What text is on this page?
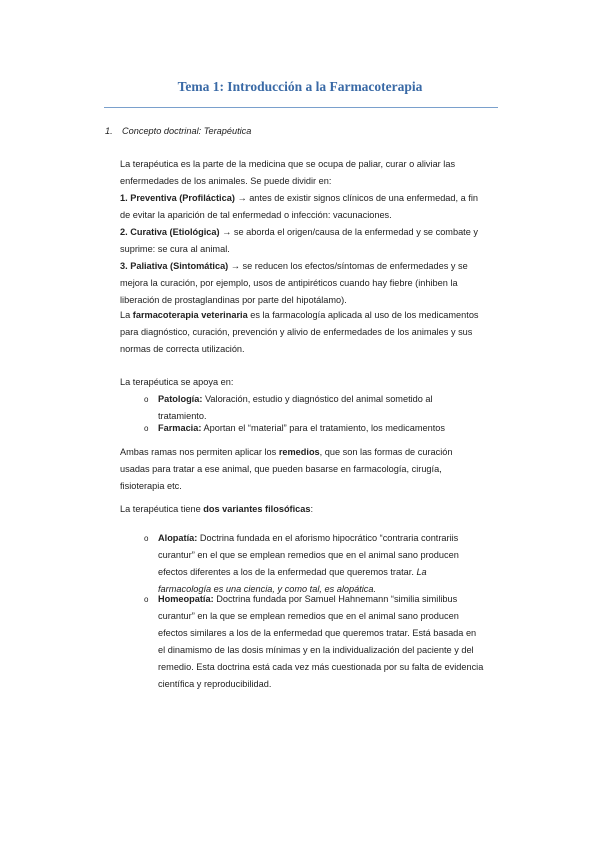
Tema 1: Introducción a la Farmacoterapia
1. Concepto doctrinal: Terapéutica
La terapéutica es la parte de la medicina que se ocupa de paliar, curar o aliviar las
enfermedades de los animales. Se puede dividir en:
1. Preventiva (Profiláctica) → antes de existir signos clínicos de una enfermedad, a fin
de evitar la aparición de tal enfermedad o infección: vacunaciones.
2. Curativa (Etiológica) → se aborda el origen/causa de la enfermedad y se combate y
suprime: se cura al animal.
3. Paliativa (Sintomática) → se reducen los efectos/síntomas de enfermedades y se
mejora la curación, por ejemplo, usos de antipiréticos cuando hay fiebre (inhiben la
liberación de prostaglandinas por parte del hipotálamo).
La farmacoterapia veterinaria es la farmacología aplicada al uso de los medicamentos
para diagnóstico, curación, prevención y alivio de enfermedades de los animales y sus
normas de correcta utilización.
La terapéutica se apoya en:
o Patología: Valoración, estudio y diagnóstico del animal sometido al
tratamiento.
o Farmacia: Aportan el “material” para el tratamiento, los medicamentos
Ambas ramas nos permiten aplicar los remedios, que son las formas de curación
usadas para tratar a ese animal, que pueden basarse en farmacología, cirugía,
fisioterapia etc.
La terapéutica tiene dos variantes filosóficas:
o Alopatía: Doctrina fundada en el aforismo hipocrático “contraria contrariis
curantur” en el que se emplean remedios que en el animal sano producen
efectos diferentes a los de la enfermedad que queremos tratar. La
farmacología es una ciencia, y como tal, es alopática.
o Homeopatía: Doctrina fundada por Samuel Hahnemann “similia similibus
curantur” en la que se emplean remedios que en el animal sano producen
efectos similares a los de la enfermedad que queremos tratar. Está basada en
el dinamismo de las dosis mínimas y en la individualización del paciente y del
remedio. Esta doctrina está cada vez más cuestionada por su falta de evidencia
científica y reproducibilidad.
